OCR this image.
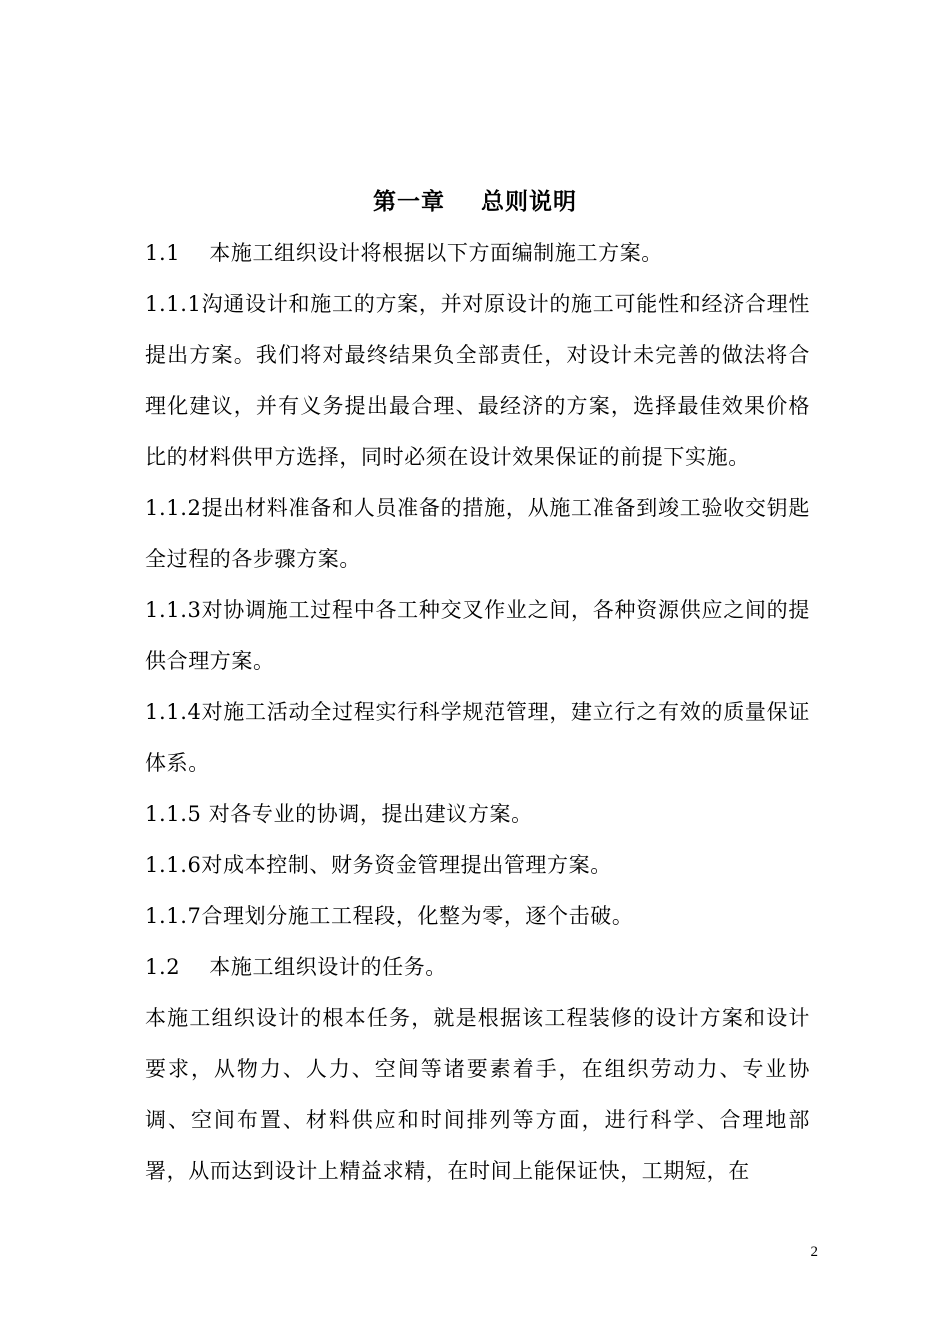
第一章    总则说明

1.1    本施工组织设计将根据以下方面编制施工方案。

1.1.1沟通设计和施工的方案，并对原设计的施工可能性和经济合理性提出方案。我们将对最终结果负全部责任，对设计未完善的做法将合理化建议，并有义务提出最合理、最经济的方案，选择最佳效果价格比的材料供甲方选择，同时必须在设计效果保证的前提下实施。

1.1.2提出材料准备和人员准备的措施，从施工准备到竣工验收交钥匙全过程的各步骤方案。

1.1.3对协调施工过程中各工种交叉作业之间，各种资源供应之间的提供合理方案。

1.1.4对施工活动全过程实行科学规范管理，建立行之有效的质量保证体系。

1.1.5 对各专业的协调，提出建议方案。

1.1.6对成本控制、财务资金管理提出管理方案。

1.1.7合理划分施工工程段，化整为零，逐个击破。

1.2    本施工组织设计的任务。

本施工组织设计的根本任务，就是根据该工程装修的设计方案和设计要求，从物力、人力、空间等诸要素着手，在组织劳动力、专业协调、空间布置、材料供应和时间排列等方面，进行科学、合理地部署，从而达到设计上精益求精，在时间上能保证快，工期短，在

2
